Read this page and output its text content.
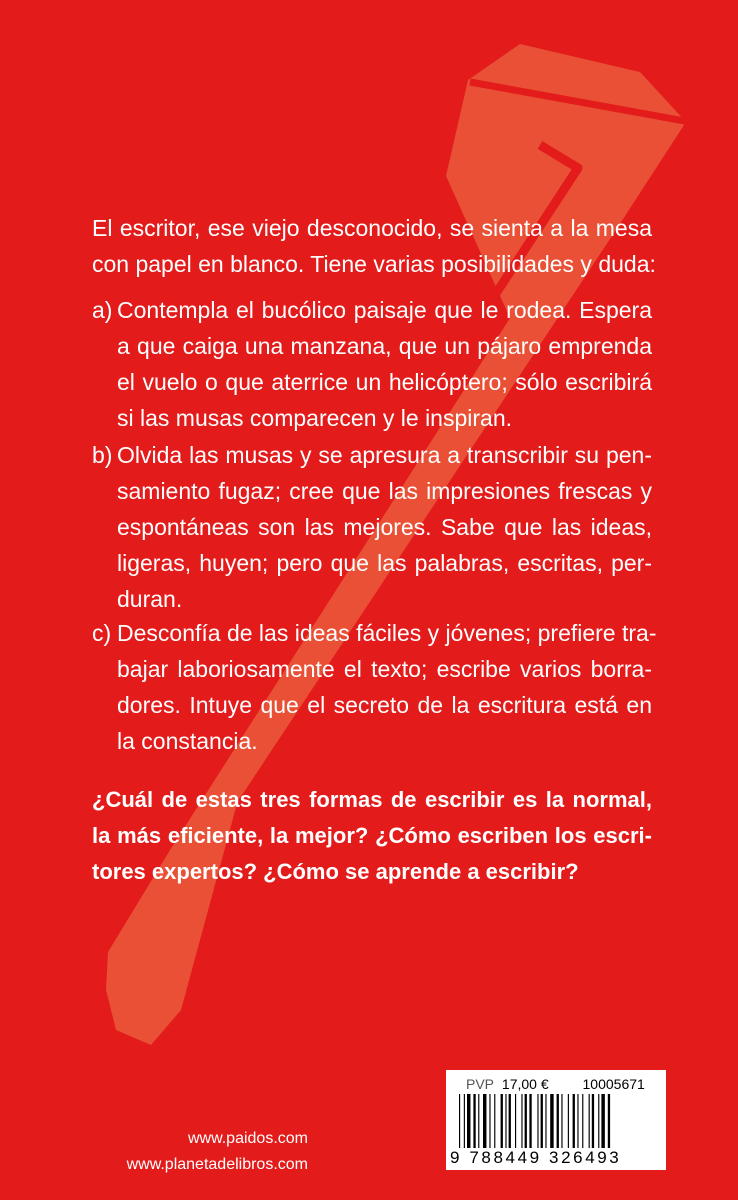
El escritor, ese viejo desconocido, se sienta a la mesa
con papel en blanco. Tiene varias posibilidades y duda:
a) Contempla el bucólico paisaje que le rodea. Espera
a que caiga una manzana, que un pájaro emprenda
el vuelo o que aterrice un helicóptero; sólo escribirá
si las musas comparecen y le inspiran.
b) Olvida las musas y se apresura a transcribir su pen-
samiento fugaz; cree que las impresiones frescas y
espontáneas son las mejores. Sabe que las ideas,
ligeras, huyen; pero que las palabras, escritas, per-
duran.
c) Desconfía de las ideas fáciles y jóvenes; prefiere tra-
bajar laboriosamente el texto; escribe varios borra-
dores. Intuye que el secreto de la escritura está en
la constancia.
¿Cuál de estas tres formas de escribir es la normal,
la más eficiente, la mejor? ¿Cómo escriben los escri-
tores expertos? ¿Cómo se aprende a escribir?
www.paidos.com
www.planetadelibros.com
PVP 17,00 € 10005671
9 788449 326493
